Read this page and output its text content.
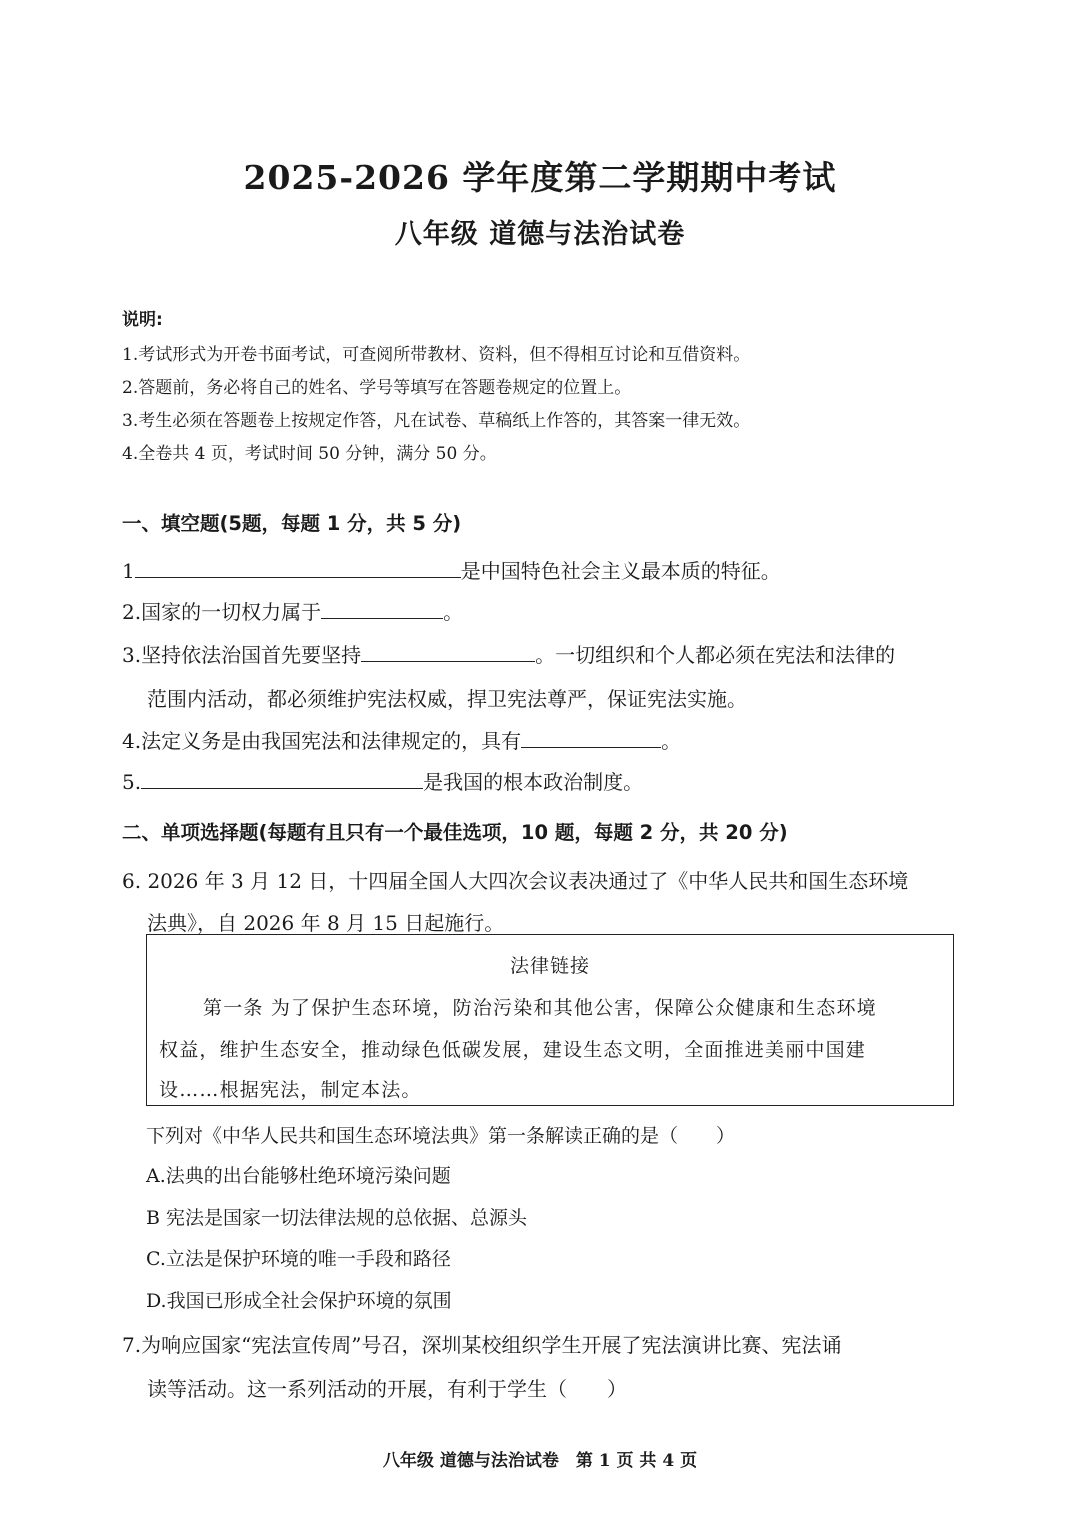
2025-2026 学年度第二学期期中考试
八年级 道德与法治试卷
说明:
1.考试形式为开卷书面考试，可查阅所带教材、资料，但不得相互讨论和互借资料。
2.答题前，务必将自己的姓名、学号等填写在答题卷规定的位置上。
3.考生必须在答题卷上按规定作答，凡在试卷、草稿纸上作答的，其答案一律无效。
4.全卷共 4 页，考试时间 50 分钟，满分 50 分。
一、填空题(5题，每题 1 分，共 5 分)
1	是中国特色社会主义最本质的特征。
2.国家的一切权力属于	。
3.坚持依法治国首先要坚持	。一切组织和个人都必须在宪法和法律的
范围内活动，都必须维护宪法权威，捍卫宪法尊严，保证宪法实施。
4.法定义务是由我国宪法和法律规定的，具有	。
5.	是我国的根本政治制度。
二、单项选择题(每题有且只有一个最佳选项，10 题，每题 2 分，共 20 分)
6. 2026 年 3 月 12 日，十四届全国人大四次会议表决通过了《中华人民共和国生态环境
法典》，自 2026 年 8 月 15 日起施行。
法律链接
第一条 为了保护生态环境，防治污染和其他公害，保障公众健康和生态环境
权益，维护生态安全，推动绿色低碳发展，建设生态文明，全面推进美丽中国建
设……根据宪法，制定本法。
下列对《中华人民共和国生态环境法典》第一条解读正确的是（　　）
A.法典的出台能够杜绝环境污染问题
B 宪法是国家一切法律法规的总依据、总源头
C.立法是保护环境的唯一手段和路径
D.我国已形成全社会保护环境的氛围
7.为响应国家“宪法宣传周”号召，深圳某校组织学生开展了宪法演讲比赛、宪法诵
读等活动。这一系列活动的开展，有利于学生（　　）
八年级 道德与法治试卷　第 1 页 共 4 页
